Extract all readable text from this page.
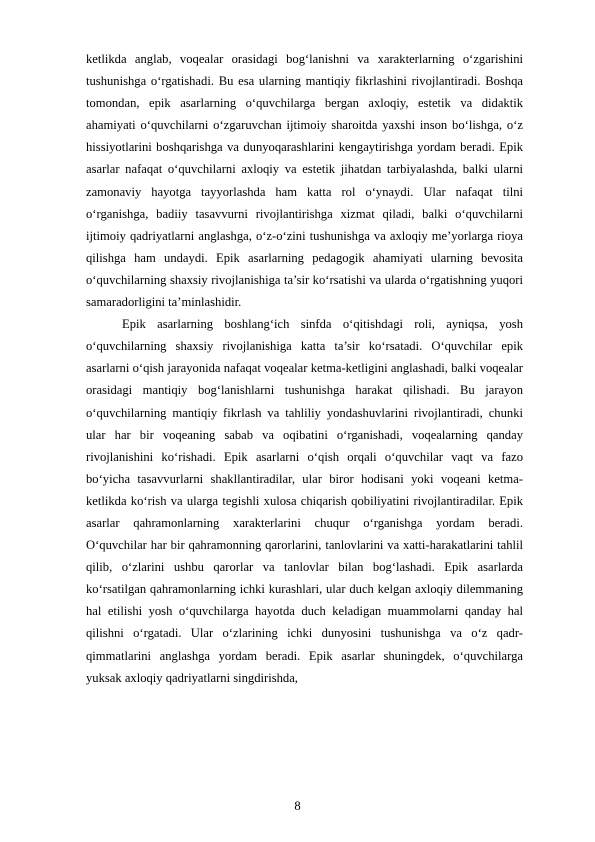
ketlikda anglab, voqealar orasidagi bog‘lanishni va xarakterlarning o‘zgarishini tushunishga o‘rgatishadi. Bu esa ularning mantiqiy fikrlashini rivojlantiradi. Boshqa tomondan, epik asarlarning o‘quvchilarga bergan axloqiy, estetik va didaktik ahamiyati o‘quvchilarni o‘zgaruvchan ijtimoiy sharoitda yaxshi inson bo‘lishga, o‘z hissiyotlarini boshqarishga va dunyoqarashlarini kengaytirishga yordam beradi. Epik asarlar nafaqat o‘quvchilarni axloqiy va estetik jihatdan tarbiyalashda, balki ularni zamonaviy hayotga tayyorlashda ham katta rol o‘ynaydi. Ular nafaqat tilni o‘rganishga, badiiy tasavvurni rivojlantirishga xizmat qiladi, balki o‘quvchilarni ijtimoiy qadriyatlarni anglashga, o‘z-o‘zini tushunishga va axloqiy me’yorlarga rioya qilishga ham undaydi. Epik asarlarning pedagogik ahamiyati ularning bevosita o‘quvchilarning shaxsiy rivojlanishiga ta’sir ko‘rsatishi va ularda o‘rgatishning yuqori samaradorligini ta’minlashidir.

Epik asarlarning boshlang‘ich sinfda o‘qitishdagi roli, ayniqsa, yosh o‘quvchilarning shaxsiy rivojlanishiga katta ta’sir ko‘rsatadi. O‘quvchilar epik asarlarni o‘qish jarayonida nafaqat voqealar ketma-ketligini anglashadi, balki voqealar orasidagi mantiqiy bog‘lanishlarni tushunishga harakat qilishadi. Bu jarayon o‘quvchilarning mantiqiy fikrlash va tahliliy yondashuvlarini rivojlantiradi, chunki ular har bir voqeaning sabab va oqibatini o‘rganishadi, voqealarning qanday rivojlanishini ko‘rishadi. Epik asarlarni o‘qish orqali o‘quvchilar vaqt va fazo bo‘yicha tasavvurlarni shakllantiradilar, ular biror hodisani yoki voqeani ketma-ketlikda ko‘rish va ularga tegishli xulosa chiqarish qobiliyatini rivojlantiradilar. Epik asarlar qahramonlarning xarakterlarini chuqur o‘rganishga yordam beradi. O‘quvchilar har bir qahramonning qarorlarini, tanlovlarini va xatti-harakatlarini tahlil qilib, o‘zlarini ushbu qarorlar va tanlovlar bilan bog‘lashadi. Epik asarlarda ko‘rsatilgan qahramonlarning ichki kurashlari, ular duch kelgan axloqiy dilemmaning hal etilishi yosh o‘quvchilarga hayotda duch keladigan muammolarni qanday hal qilishni o‘rgatadi. Ular o‘zlarining ichki dunyosini tushunishga va o‘z qadr-qimmatlarini anglashga yordam beradi. Epik asarlar shuningdek, o‘quvchilarga yuksak axloqiy qadriyatlarni singdirishda,

8
